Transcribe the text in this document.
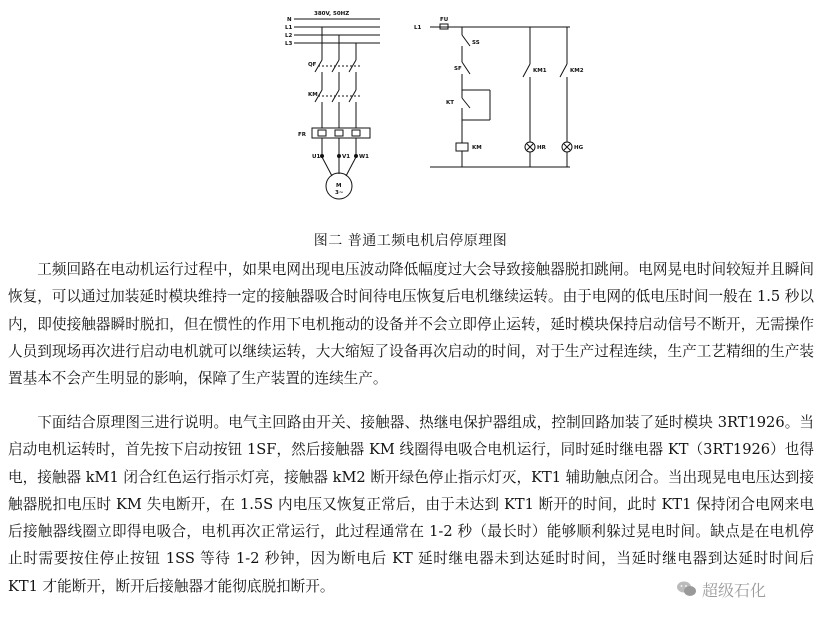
N
L1
L2
L3
380V, 50HZ
QF
KM
FR
U1	V1 W1
M
3~
L1
FU
SS
SF
KT
KM
KM1	KM2
HR	HG
图二 普通工频电机启停原理图
工频回路在电动机运行过程中，如果电网出现电压波动降低幅度过大会导致接触器脱扣跳闸。电网晃电时间较短并且瞬间恢复，可以通过加装延时模块维持一定的接触器吸合时间待电压恢复后电机继续运转。由于电网的低电压时间一般在 1.5 秒以内，即使接触器瞬时脱扣，但在惯性的作用下电机拖动的设备并不会立即停止运转，延时模块保持启动信号不断开，无需操作人员到现场再次进行启动电机就可以继续运转，大大缩短了设备再次启动的时间，对于生产过程连续，生产工艺精细的生产装置基本不会产生明显的影响，保障了生产装置的连续生产。
下面结合原理图三进行说明。电气主回路由开关、接触器、热继电保护器组成，控制回路加装了延时模块 3RT1926。当启动电机运转时，首先按下启动按钮 1SF，然后接触器 KM 线圈得电吸合电机运行，同时延时继电器 KT（3RT1926）也得电，接触器 kM1 闭合红色运行指示灯亮，接触器 kM2 断开绿色停止指示灯灭，KT1 辅助触点闭合。当出现晃电电压达到接触器脱扣电压时 KM 失电断开，在 1.5S 内电压又恢复正常后，由于未达到 KT1 断开的时间，此时 KT1 保持闭合电网来电后接触器线圈立即得电吸合，电机再次正常运行，此过程通常在 1-2 秒（最长时）能够顺利躲过晃电时间。缺点是在电机停止时需要按住停止按钮 1SS 等待 1-2 秒钟，因为断电后 KT 延时继电器未到达延时时间，当延时继电器到达延时时间后 KT1 才能断开，断开后接触器才能彻底脱扣断开。	超级石化
